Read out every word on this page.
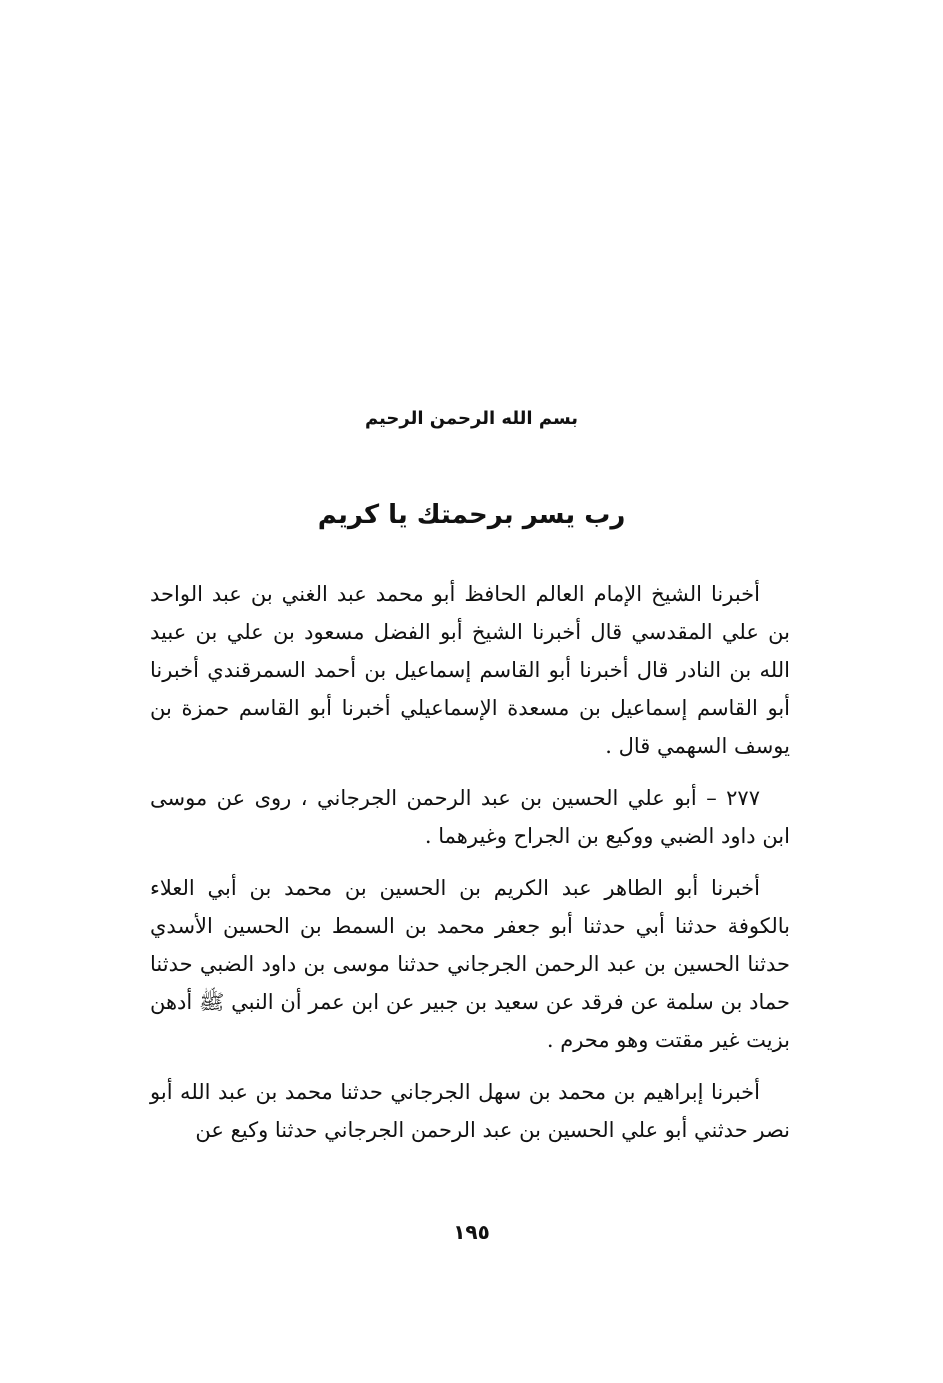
بسم الله الرحمن الرحيم
رب يسر برحمتك يا كريم

أخبرنا الشيخ الإمام العالم الحافظ أبو محمد عبد الغني بن عبد الواحد بن علي المقدسي قال أخبرنا الشيخ أبو الفضل مسعود بن علي بن عبيد الله بن النادر قال أخبرنا أبو القاسم إسماعيل بن أحمد السمرقندي أخبرنا أبو القاسم إسماعيل بن مسعدة الإسماعيلي أخبرنا أبو القاسم حمزة بن يوسف السهمي قال .

٢٧٧ – أبو علي الحسين بن عبد الرحمن الجرجاني ، روى عن موسى ابن داود الضبي ووكيع بن الجراح وغيرهما .

أخبرنا أبو الطاهر عبد الكريم بن الحسين بن محمد بن أبي العلاء بالكوفة حدثنا أبي حدثنا أبو جعفر محمد بن السمط بن الحسين الأسدي حدثنا الحسين بن عبد الرحمن الجرجاني حدثنا موسى بن داود الضبي حدثنا حماد بن سلمة عن فرقد عن سعيد بن جبير عن ابن عمر أن النبي ﷺ أدهن بزيت غير مقتت وهو محرم .

أخبرنا إبراهيم بن محمد بن سهل الجرجاني حدثنا محمد بن عبد الله أبو نصر حدثني أبو علي الحسين بن عبد الرحمن الجرجاني حدثنا وكيع عن

١٩٥
